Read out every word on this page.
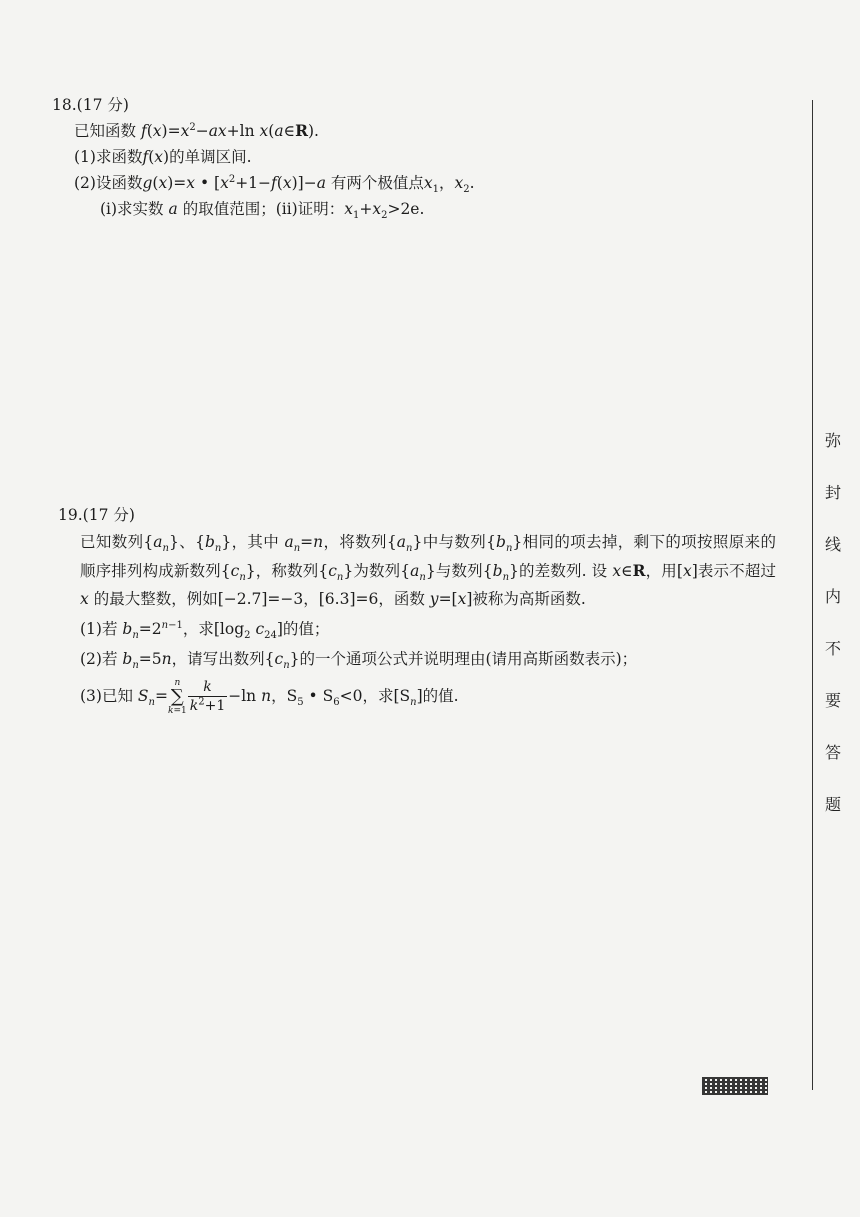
18.(17 分)
已知函数 $f(x)=x^2-ax+\ln$ x(a∈R).
(1)求函数f(x)的单调区间.
(2)设函数g(x)=x • $[x^2+1-f(x)]-a$ 有两个极值点$x_1$，$x_2$.
(ⅰ)求实数 a 的取值范围；(ⅱ)证明：$x_1+x_2>2e$.
19.(17 分)
已知数列$\{a_n\}$、$\{b_n\}$，其中 $a_n=n$，将数列$\{a_n\}$中与数列$\{b_n\}$相同的项去掉，剩下的项按照原来的顺序排列构成新数列$\{c_n\}$，称数列$\{c_n\}$为数列$\{a_n\}$与数列$\{b_n\}$的差数列. 设 x∈R，用[x]表示不超过 x 的最大整数，例如[−2.7]=−3，[6.3]=6，函数 y=[x]被称为高斯函数.
(1)若 $b_n=2^{n-1}$，求[$\log_2$ $c_{24}$]的值；
(2)若 $b_n=5n$，请写出数列$\{c_n\}$的一个通项公式并说明理由(请用高斯函数表示)；
(3)已知 $S_n=$
n
∑
$k=1 \frac{k}{k^2+1} -\ln$ n，$S_5$ • $S_6<0$，求$[S_n]$的值.
弥
封
线
内
不
要
答
题
